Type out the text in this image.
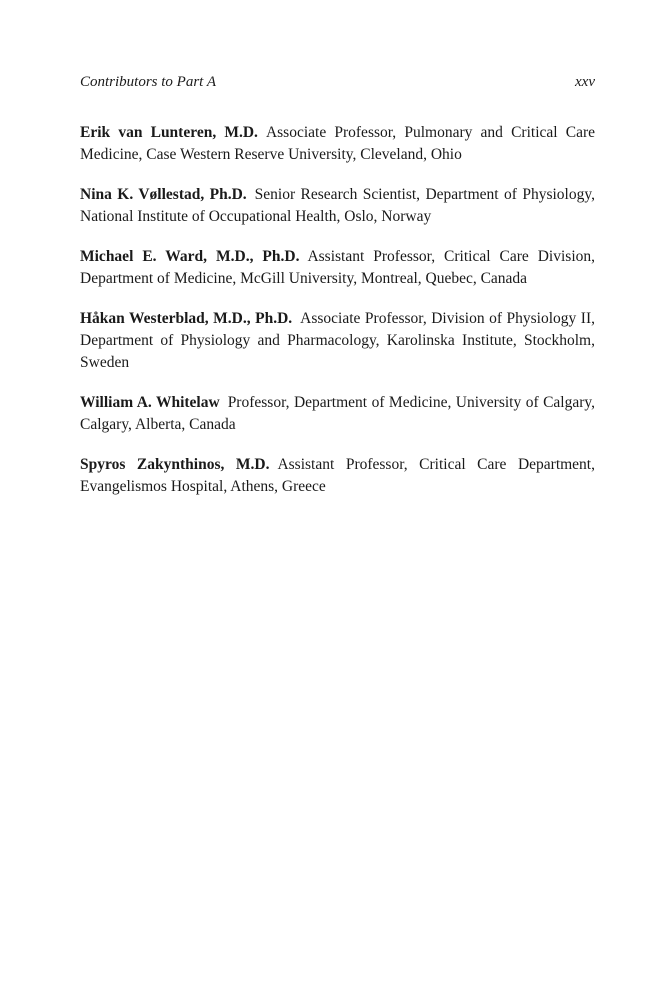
Contributors to Part A	xxv

Erik van Lunteren, M.D. Associate Professor, Pulmonary and Critical Care Medicine, Case Western Reserve University, Cleveland, Ohio

Nina K. Vøllestad, Ph.D. Senior Research Scientist, Department of Physiology, National Institute of Occupational Health, Oslo, Norway

Michael E. Ward, M.D., Ph.D. Assistant Professor, Critical Care Division, Department of Medicine, McGill University, Montreal, Quebec, Canada

Håkan Westerblad, M.D., Ph.D. Associate Professor, Division of Physiology II, Department of Physiology and Pharmacology, Karolinska Institute, Stockholm, Sweden

William A. Whitelaw Professor, Department of Medicine, University of Calgary, Calgary, Alberta, Canada

Spyros Zakynthinos, M.D. Assistant Professor, Critical Care Department, Evangelismos Hospital, Athens, Greece
